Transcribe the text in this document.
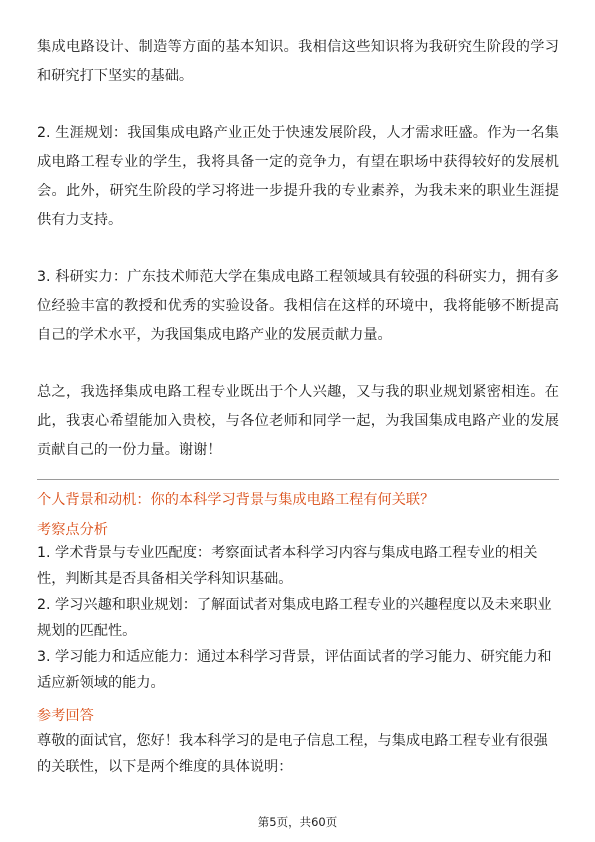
集成电路设计、制造等方面的基本知识。我相信这些知识将为我研究生阶段的学习和研究打下坚实的基础。

2. 生涯规划：我国集成电路产业正处于快速发展阶段，人才需求旺盛。作为一名集成电路工程专业的学生，我将具备一定的竞争力，有望在职场中获得较好的发展机会。此外，研究生阶段的学习将进一步提升我的专业素养，为我未来的职业生涯提供有力支持。

3. 科研实力：广东技术师范大学在集成电路工程领域具有较强的科研实力，拥有多位经验丰富的教授和优秀的实验设备。我相信在这样的环境中，我将能够不断提高自己的学术水平，为我国集成电路产业的发展贡献力量。

总之，我选择集成电路工程专业既出于个人兴趣，又与我的职业规划紧密相连。在此，我衷心希望能加入贵校，与各位老师和同学一起，为我国集成电路产业的发展贡献自己的一份力量。谢谢！

个人背景和动机：你的本科学习背景与集成电路工程有何关联？

考察点分析

1. 学术背景与专业匹配度：考察面试者本科学习内容与集成电路工程专业的相关性，判断其是否具备相关学科知识基础。

2. 学习兴趣和职业规划：了解面试者对集成电路工程专业的兴趣程度以及未来职业规划的匹配性。

3. 学习能力和适应能力：通过本科学习背景，评估面试者的学习能力、研究能力和适应新领域的能力。

参考回答

尊敬的面试官，您好！我本科学习的是电子信息工程，与集成电路工程专业有很强的关联性，以下是两个维度的具体说明：

第5页，共60页
